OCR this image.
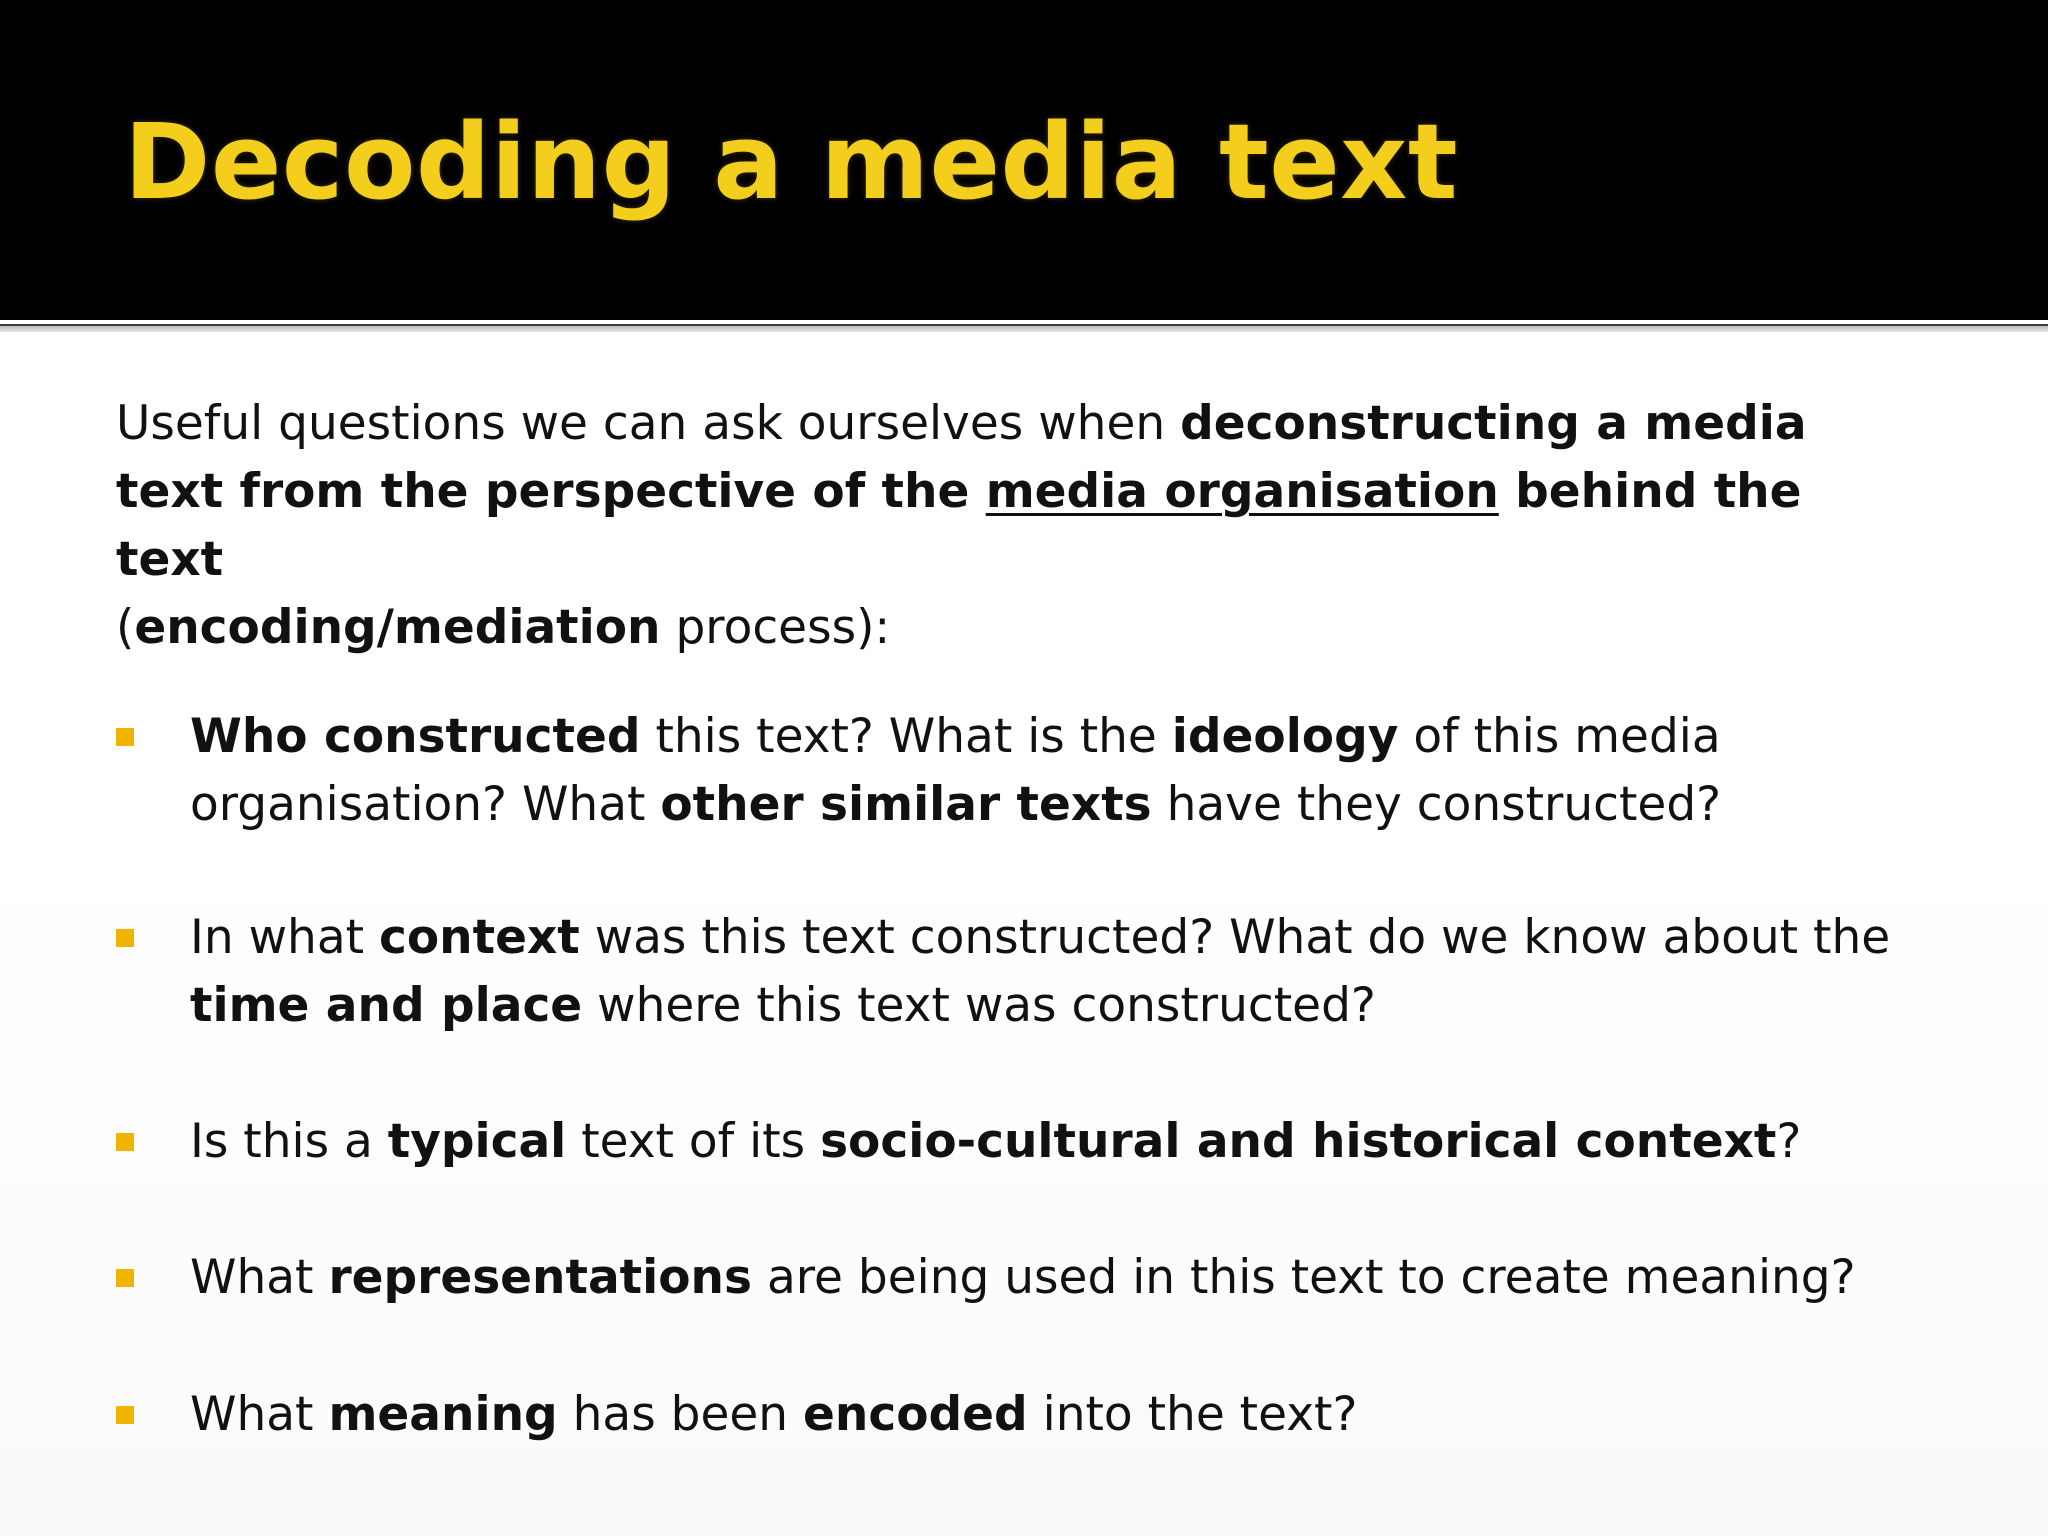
Decoding a media text

Useful questions we can ask ourselves when deconstructing a media text from the perspective of the media organisation behind the text
(encoding/mediation process):

Who constructed this text? What is the ideology of this media organisation? What other similar texts have they constructed?

In what context was this text constructed? What do we know about the time and place where this text was constructed?

Is this a typical text of its socio-cultural and historical context?

What representations are being used in this text to create meaning?

What meaning has been encoded into the text?
